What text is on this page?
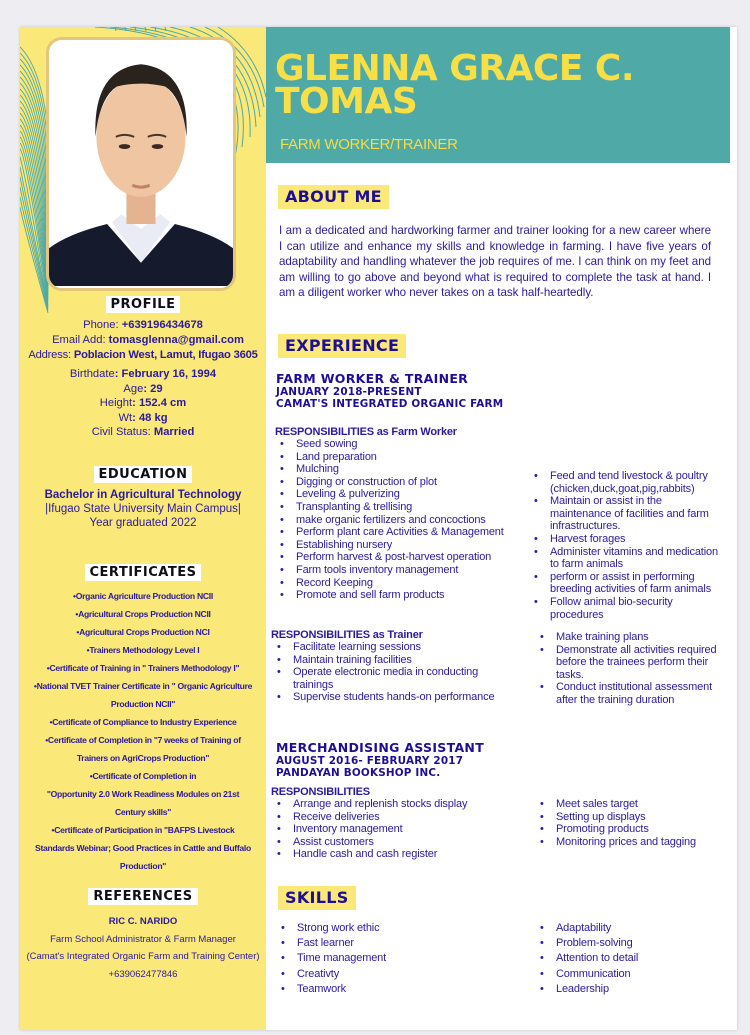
PROFILE
Phone: +639196434678
Email Add: tomasglenna@gmail.com
Address: Poblacion West, Lamut, Ifugao 3605
Birthdate: February 16, 1994
Age: 29
Height: 152.4 cm
Wt: 48 kg
Civil Status: Married
EDUCATION
Bachelor in Agricultural Technology
|Ifugao State University Main Campus|
Year graduated 2022
CERTIFICATES
•Organic Agriculture Production NCII
•Agricultural Crops Production NCII
•Agricultural Crops Production NCI
•Trainers Methodology Level I
•Certificate of Training in " Trainers Methodology I"
•National TVET Trainer Certificate in " Organic Agriculture
Production NCII"
•Certificate of Compliance to Industry Experience
•Certificate of Completion in "7 weeks of Training of
Trainers on AgriCrops Production"
•Certificate of Completion in
"Opportunity 2.0 Work Readiness Modules on 21st
Century skills"
•Certificate of Participation in "BAFPS Livestock
Standards Webinar; Good Practices in Cattle and Buffalo
Production"
REFERENCES
RIC C. NARIDO
Farm School Administrator & Farm Manager
(Camat's Integrated Organic Farm and Training Center)
+639062477846
GLENNA GRACE C.
TOMAS
FARM WORKER/TRAINER
ABOUT ME
I am a dedicated and hardworking farmer and trainer looking for a new career where I can utilize and enhance my skills and knowledge in farming. I have five years of adaptability and handling whatever the job requires of me. I can think on my feet and am willing to go above and beyond what is required to complete the task at hand. I am a diligent worker who never takes on a task half-heartedly.
EXPERIENCE
FARM WORKER & TRAINER
JANUARY 2018-PRESENT
CAMAT'S INTEGRATED ORGANIC FARM
RESPONSIBILITIES as Farm Worker
• Seed sowing
• Land preparation
• Mulching
• Digging or construction of plot
• Leveling & pulverizing
• Transplanting & trellising
• make organic fertilizers and concoctions
• Perform plant care Activities & Management
• Establishing nursery
• Perform harvest & post-harvest operation
• Farm tools inventory management
• Record Keeping
• Promote and sell farm products
• Feed and tend livestock & poultry (chicken,duck,goat,pig,rabbits)
• Maintain or assist in the maintenance of facilities and farm infrastructures.
• Harvest forages
• Administer vitamins and medication to farm animals
• perform or assist in performing breeding activities of farm animals
• Follow animal bio-security procedures
RESPONSIBILITIES as Trainer
• Facilitate learning sessions
• Maintain training facilities
• Operate electronic media in conducting trainings
• Supervise students hands-on performance
• Make training plans
• Demonstrate all activities required before the trainees perform their tasks.
• Conduct institutional assessment after the training duration
MERCHANDISING ASSISTANT
AUGUST 2016- FEBRUARY 2017
PANDAYAN BOOKSHOP INC.
RESPONSIBILITIES
• Arrange and replenish stocks display
• Receive deliveries
• Inventory management
• Assist customers
• Handle cash and cash register
• Meet sales target
• Setting up displays
• Promoting products
• Monitoring prices and tagging
SKILLS
• Strong work ethic
• Fast learner
• Time management
• Creativty
• Teamwork
• Adaptability
• Problem-solving
• Attention to detail
• Communication
• Leadership
